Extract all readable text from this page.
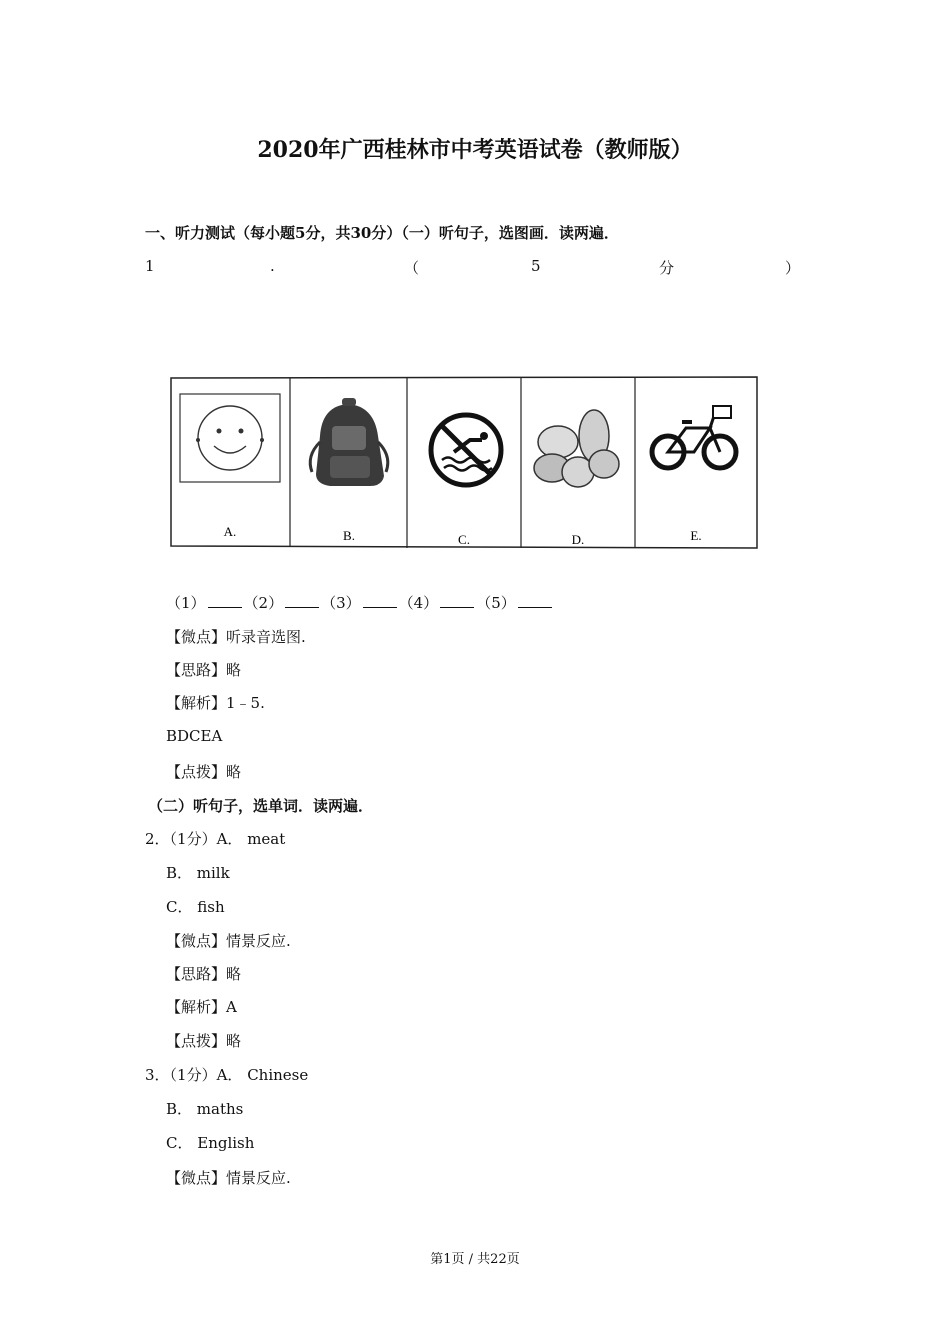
2020年广西桂林市中考英语试卷（教师版）
一、听力测试（每小题5分，共30分）（一）听句子，选图画．读两遍．
1	.	（	5	分	）
A.	B.	C.	D.	E.
（1）	（2）	（3）	（4）	（5）
【微点】听录音选图.
【思路】略
【解析】1﹣5.
BDCEA
【点拨】略
（二）听句子，选单词．读两遍．
2．（1分）A． meat
B． milk
C． fish
【微点】情景反应.
【思路】略
【解析】A
【点拨】略
3．（1分）A． Chinese
B． maths
C． English
【微点】情景反应.
第1页 / 共22页
